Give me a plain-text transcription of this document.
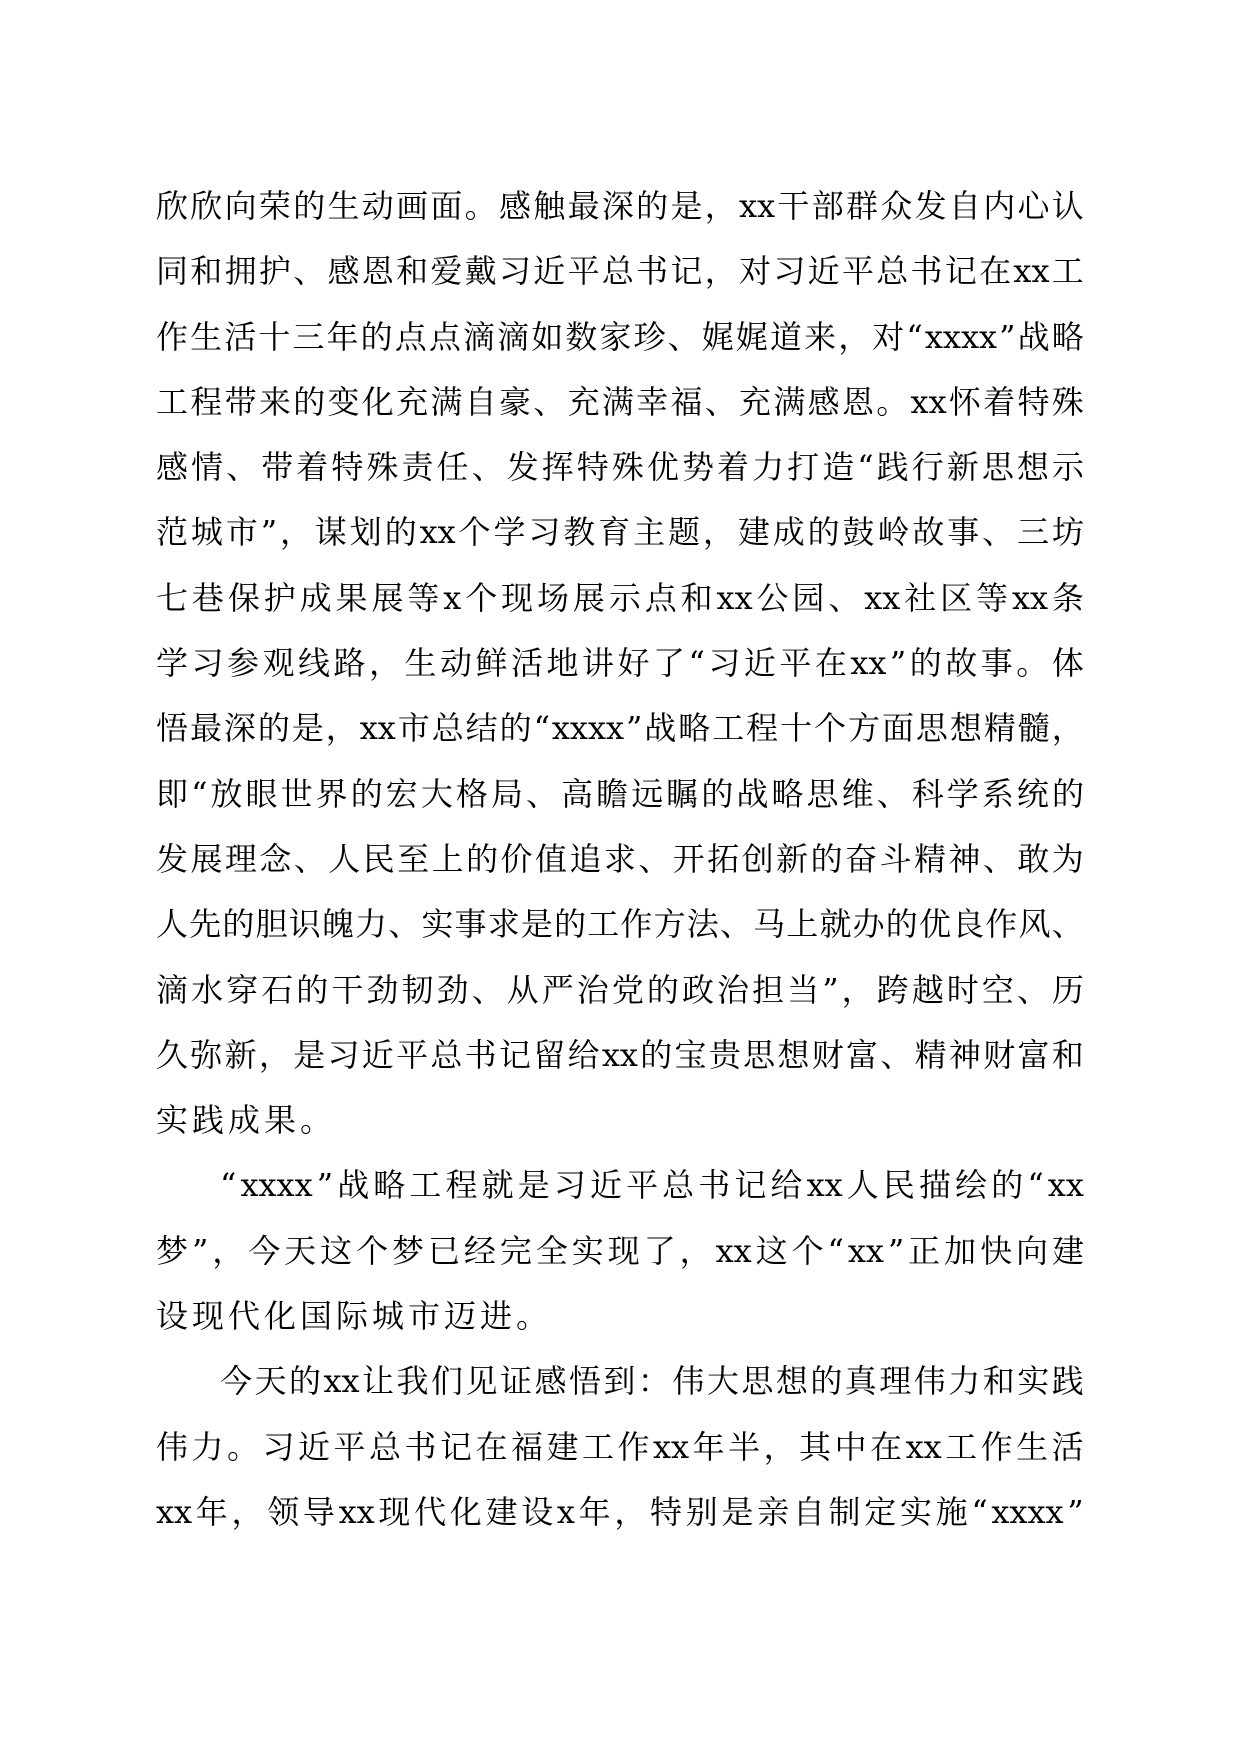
欣 欣 向 荣 的 生 动 画 面 。 感 触 最 深 的 是 ， xx 干 部 群 众 发 自 内 心 认
同 和 拥 护 、 感 恩 和 爱 戴 习 近 平 总 书 记 ， 对 习 近 平 总 书 记 在 xx 工
作 生 活 十 三 年 的 点 点 滴 滴 如 数 家 珍 、 娓 娓 道 来 ， 对 “ xxxx ” 战 略
工 程 带 来 的 变 化 充 满 自 豪 、 充 满 幸 福 、 充 满 感 恩 。 xx 怀 着 特 殊
感 情 、 带 着 特 殊 责 任 、 发 挥 特 殊 优 势 着 力 打 造 “ 践 行 新 思 想 示
范 城 市 ” ， 谋 划 的 xx 个 学 习 教 育 主 题 ， 建 成 的 鼓 岭 故 事 、 三 坊
七 巷 保 护 成 果 展 等 x 个 现 场 展 示 点 和 xx 公 园 、 xx 社 区 等 xx 条
学 习 参 观 线 路 ， 生 动 鲜 活 地 讲 好 了 “ 习 近 平 在 xx ” 的 故 事 。 体
悟 最 深 的 是 ， xx 市 总 结 的 “ xxxx ” 战 略 工 程 十 个 方 面 思 想 精 髓 ，
即 “ 放 眼 世 界 的 宏 大 格 局 、 高 瞻 远 瞩 的 战 略 思 维 、 科 学 系 统 的
发 展 理 念 、 人 民 至 上 的 价 值 追 求 、 开 拓 创 新 的 奋 斗 精 神 、 敢 为
人 先 的 胆 识 魄 力 、 实 事 求 是 的 工 作 方 法 、 马 上 就 办 的 优 良 作 风 、
滴 水 穿 石 的 干 劲 韧 劲 、 从 严 治 党 的 政 治 担 当 ” ， 跨 越 时 空 、 历
久 弥 新 ， 是 习 近 平 总 书 记 留 给 xx 的 宝 贵 思 想 财 富 、 精 神 财 富 和
实践成果。
“ xxxx ” 战 略 工 程 就 是 习 近 平 总 书 记 给 xx 人 民 描 绘 的 “ xx
梦 ” ， 今 天 这 个 梦 已 经 完 全 实 现 了 ， xx 这 个 “ xx ” 正 加 快 向 建
设现代化国际城市迈进。
今 天 的 xx 让 我 们 见 证 感 悟 到 ： 伟 大 思 想 的 真 理 伟 力 和 实 践
伟 力 。 习 近 平 总 书 记 在 福 建 工 作 xx 年 半 ， 其 中 在 xx 工 作 生 活
xx 年 ， 领 导 xx 现 代 化 建 设 x 年 ， 特 别 是 亲 自 制 定 实 施 “ xxxx ”
